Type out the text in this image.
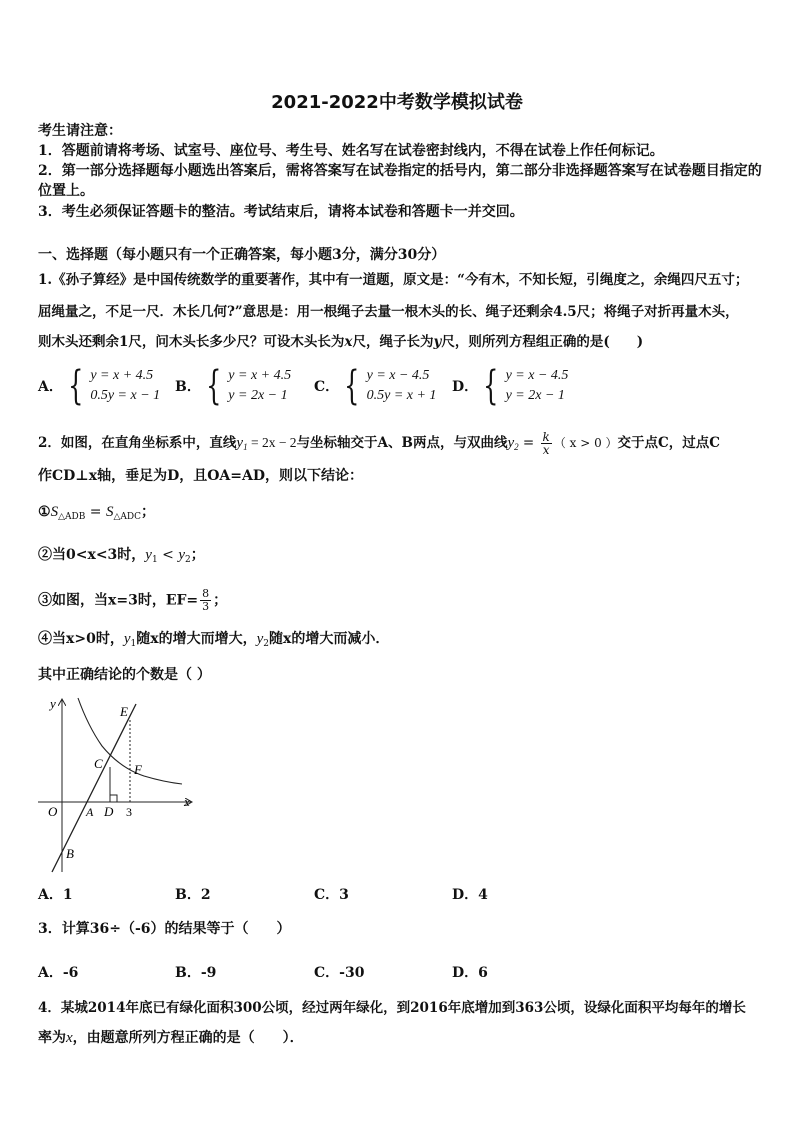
2021-2022中考数学模拟试卷
考生请注意：
1．答题前请将考场、试室号、座位号、考生号、姓名写在试卷密封线内，不得在试卷上作任何标记。
2．第一部分选择题每小题选出答案后，需将答案写在试卷指定的括号内，第二部分非选择题答案写在试卷题目指定的
位置上。
3．考生必须保证答题卡的整洁。考试结束后，请将本试卷和答题卡一并交回。
一、选择题（每小题只有一个正确答案，每小题3分，满分30分）
1.《孙子算经》是中国传统数学的重要著作，其中有一道题，原文是：“今有木，不知长短，引绳度之，余绳四尺五寸；
屈绳量之，不足一尺．木长几何?”意思是：用一根绳子去量一根木头的长、绳子还剩余4.5尺；将绳子对折再量木头，
则木头还剩余1尺，问木头长多少尺？可设木头长为x尺，绳子长为y尺，则所列方程组正确的是(　　)
A． { y = x + 4.5
0.5y = x − 1
B． { y = x + 4.5
y = 2x − 1
C． { y = x − 4.5
0.5y = x + 1
D． { y = x − 4.5
y = 2x − 1
2．如图，在直角坐标系中，直线$y_1 = 2x - 2$与坐标轴交于A、B两点，与双曲线$y_2 = \frac{k}{x}$ （ x > 0 ）交于点C，过点C
作CD⊥x轴，垂足为D，且OA=AD，则以下结论：
$①S_{\triangle ADB} = S_{\triangle ADC}$；
②当0<x<3时，$y_1 < y_2$；
③如图，当x=3时，$EF= \frac{8}{3}$ ；
④当x>0时，$y_1$随x的增大而增大，$y_2$随x的增大而减小．
其中正确结论的个数是（ ）
y
x
O A D 3
B
C
E
F
A．1	B．2	C．3	D．4
3．计算36÷（-6）的结果等于（　　）
A．-6	B．-9	C．-30	D．6
4．某城2014年底已有绿化面积300公顷，经过两年绿化，到2016年底增加到363公顷，设绿化面积平均每年的增长
率为x，由题意所列方程正确的是（　　）．
